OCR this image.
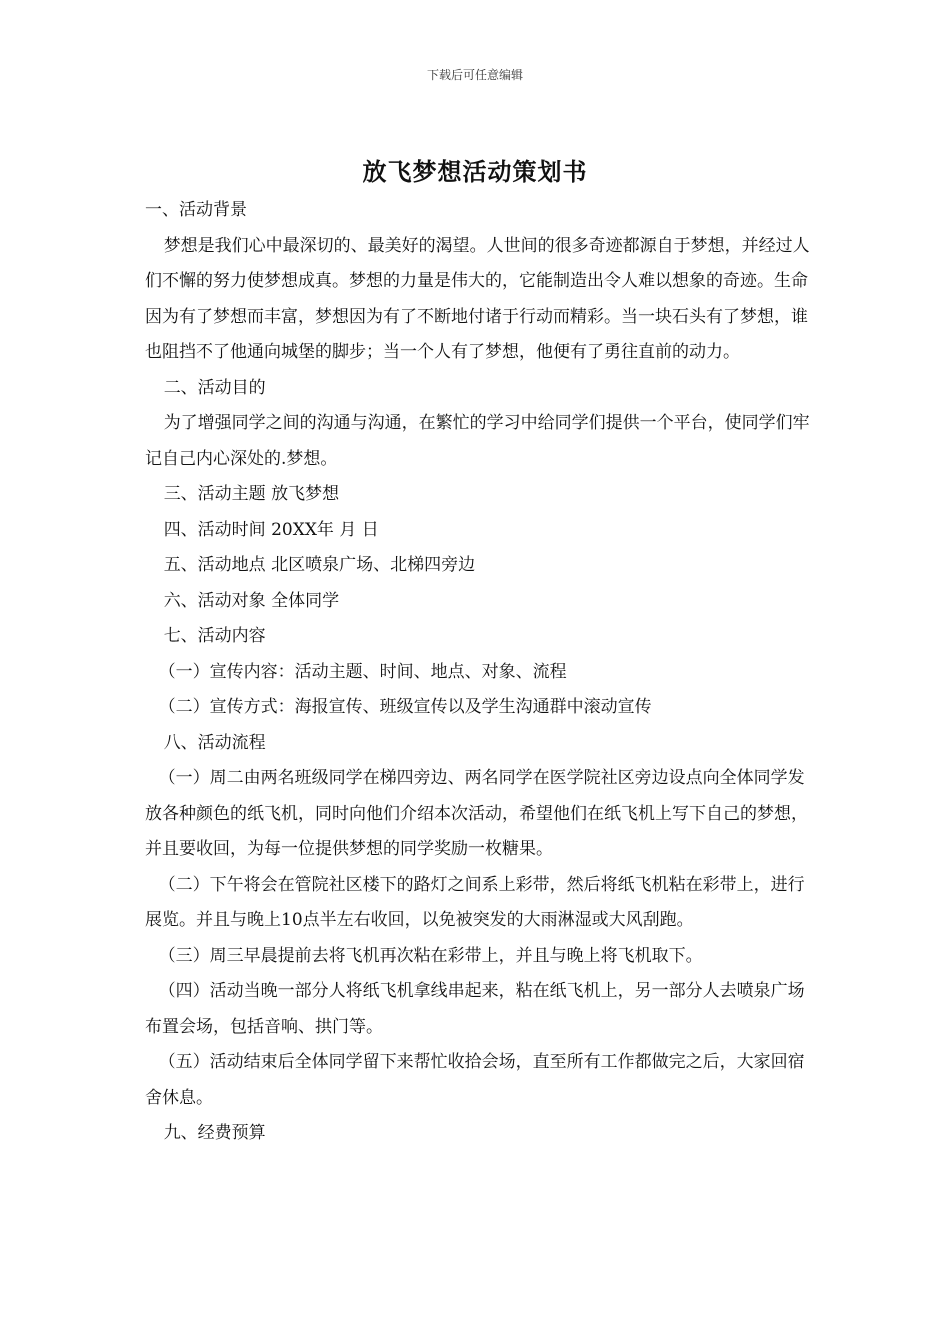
下载后可任意编辑
放飞梦想活动策划书

一、活动背景

梦想是我们心中最深切的、最美好的渴望。人世间的很多奇迹都源自于梦想，并经过人们不懈的努力使梦想成真。梦想的力量是伟大的，它能制造出令人难以想象的奇迹。生命因为有了梦想而丰富，梦想因为有了不断地付诸于行动而精彩。当一块石头有了梦想，谁也阻挡不了他通向城堡的脚步；当一个人有了梦想，他便有了勇往直前的动力。

二、活动目的

为了增强同学之间的沟通与沟通，在繁忙的学习中给同学们提供一个平台，使同学们牢记自己内心深处的.梦想。

三、活动主题 放飞梦想

四、活动时间 20XX年 月 日

五、活动地点 北区喷泉广场、北梯四旁边

六、活动对象 全体同学

七、活动内容

（一）宣传内容：活动主题、时间、地点、对象、流程

（二）宣传方式：海报宣传、班级宣传以及学生沟通群中滚动宣传

八、活动流程

（一）周二由两名班级同学在梯四旁边、两名同学在医学院社区旁边设点向全体同学发放各种颜色的纸飞机，同时向他们介绍本次活动，希望他们在纸飞机上写下自己的梦想，并且要收回，为每一位提供梦想的同学奖励一枚糖果。

（二）下午将会在管院社区楼下的路灯之间系上彩带，然后将纸飞机粘在彩带上，进行展览。并且与晚上10点半左右收回，以免被突发的大雨淋湿或大风刮跑。

（三）周三早晨提前去将飞机再次粘在彩带上，并且与晚上将飞机取下。

（四）活动当晚一部分人将纸飞机拿线串起来，粘在纸飞机上，另一部分人去喷泉广场布置会场，包括音响、拱门等。

（五）活动结束后全体同学留下来帮忙收拾会场，直至所有工作都做完之后，大家回宿舍休息。

九、经费预算
